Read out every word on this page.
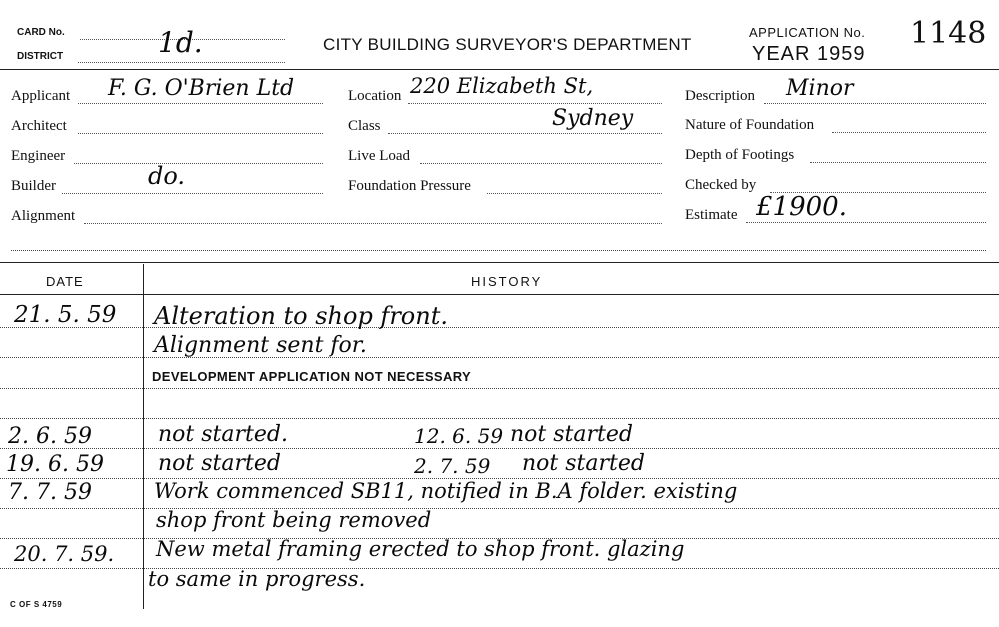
CARD No.
DISTRICT	1d.	CITY BUILDING SURVEYOR'S DEPARTMENT
APPLICATION No. 1148
YEAR 1959
Applicant F. G. O'Brien Ltd
Architect
Engineer
Builder	do.
Alignment
Location 220 Elizabeth St,
Class	Sydney
Live Load
Foundation Pressure
Description Minor
Nature of Foundation
Depth of Footings
Checked by
Estimate £1900.
DATE	HISTORY
21. 5. 59 Alteration to shop front.
Alignment sent for.
DEVELOPMENT APPLICATION NOT NECESSARY
2. 6. 59	not started.	12. 6. 59 not started
19. 6. 59 not started	2. 7. 59 not started
7. 7. 59	Work commenced SB11, notified in B.A folder. existing
shop front being removed
20. 7. 59. New metal framing erected to shop front. glazing
to same in progress.
C OF S 4759
